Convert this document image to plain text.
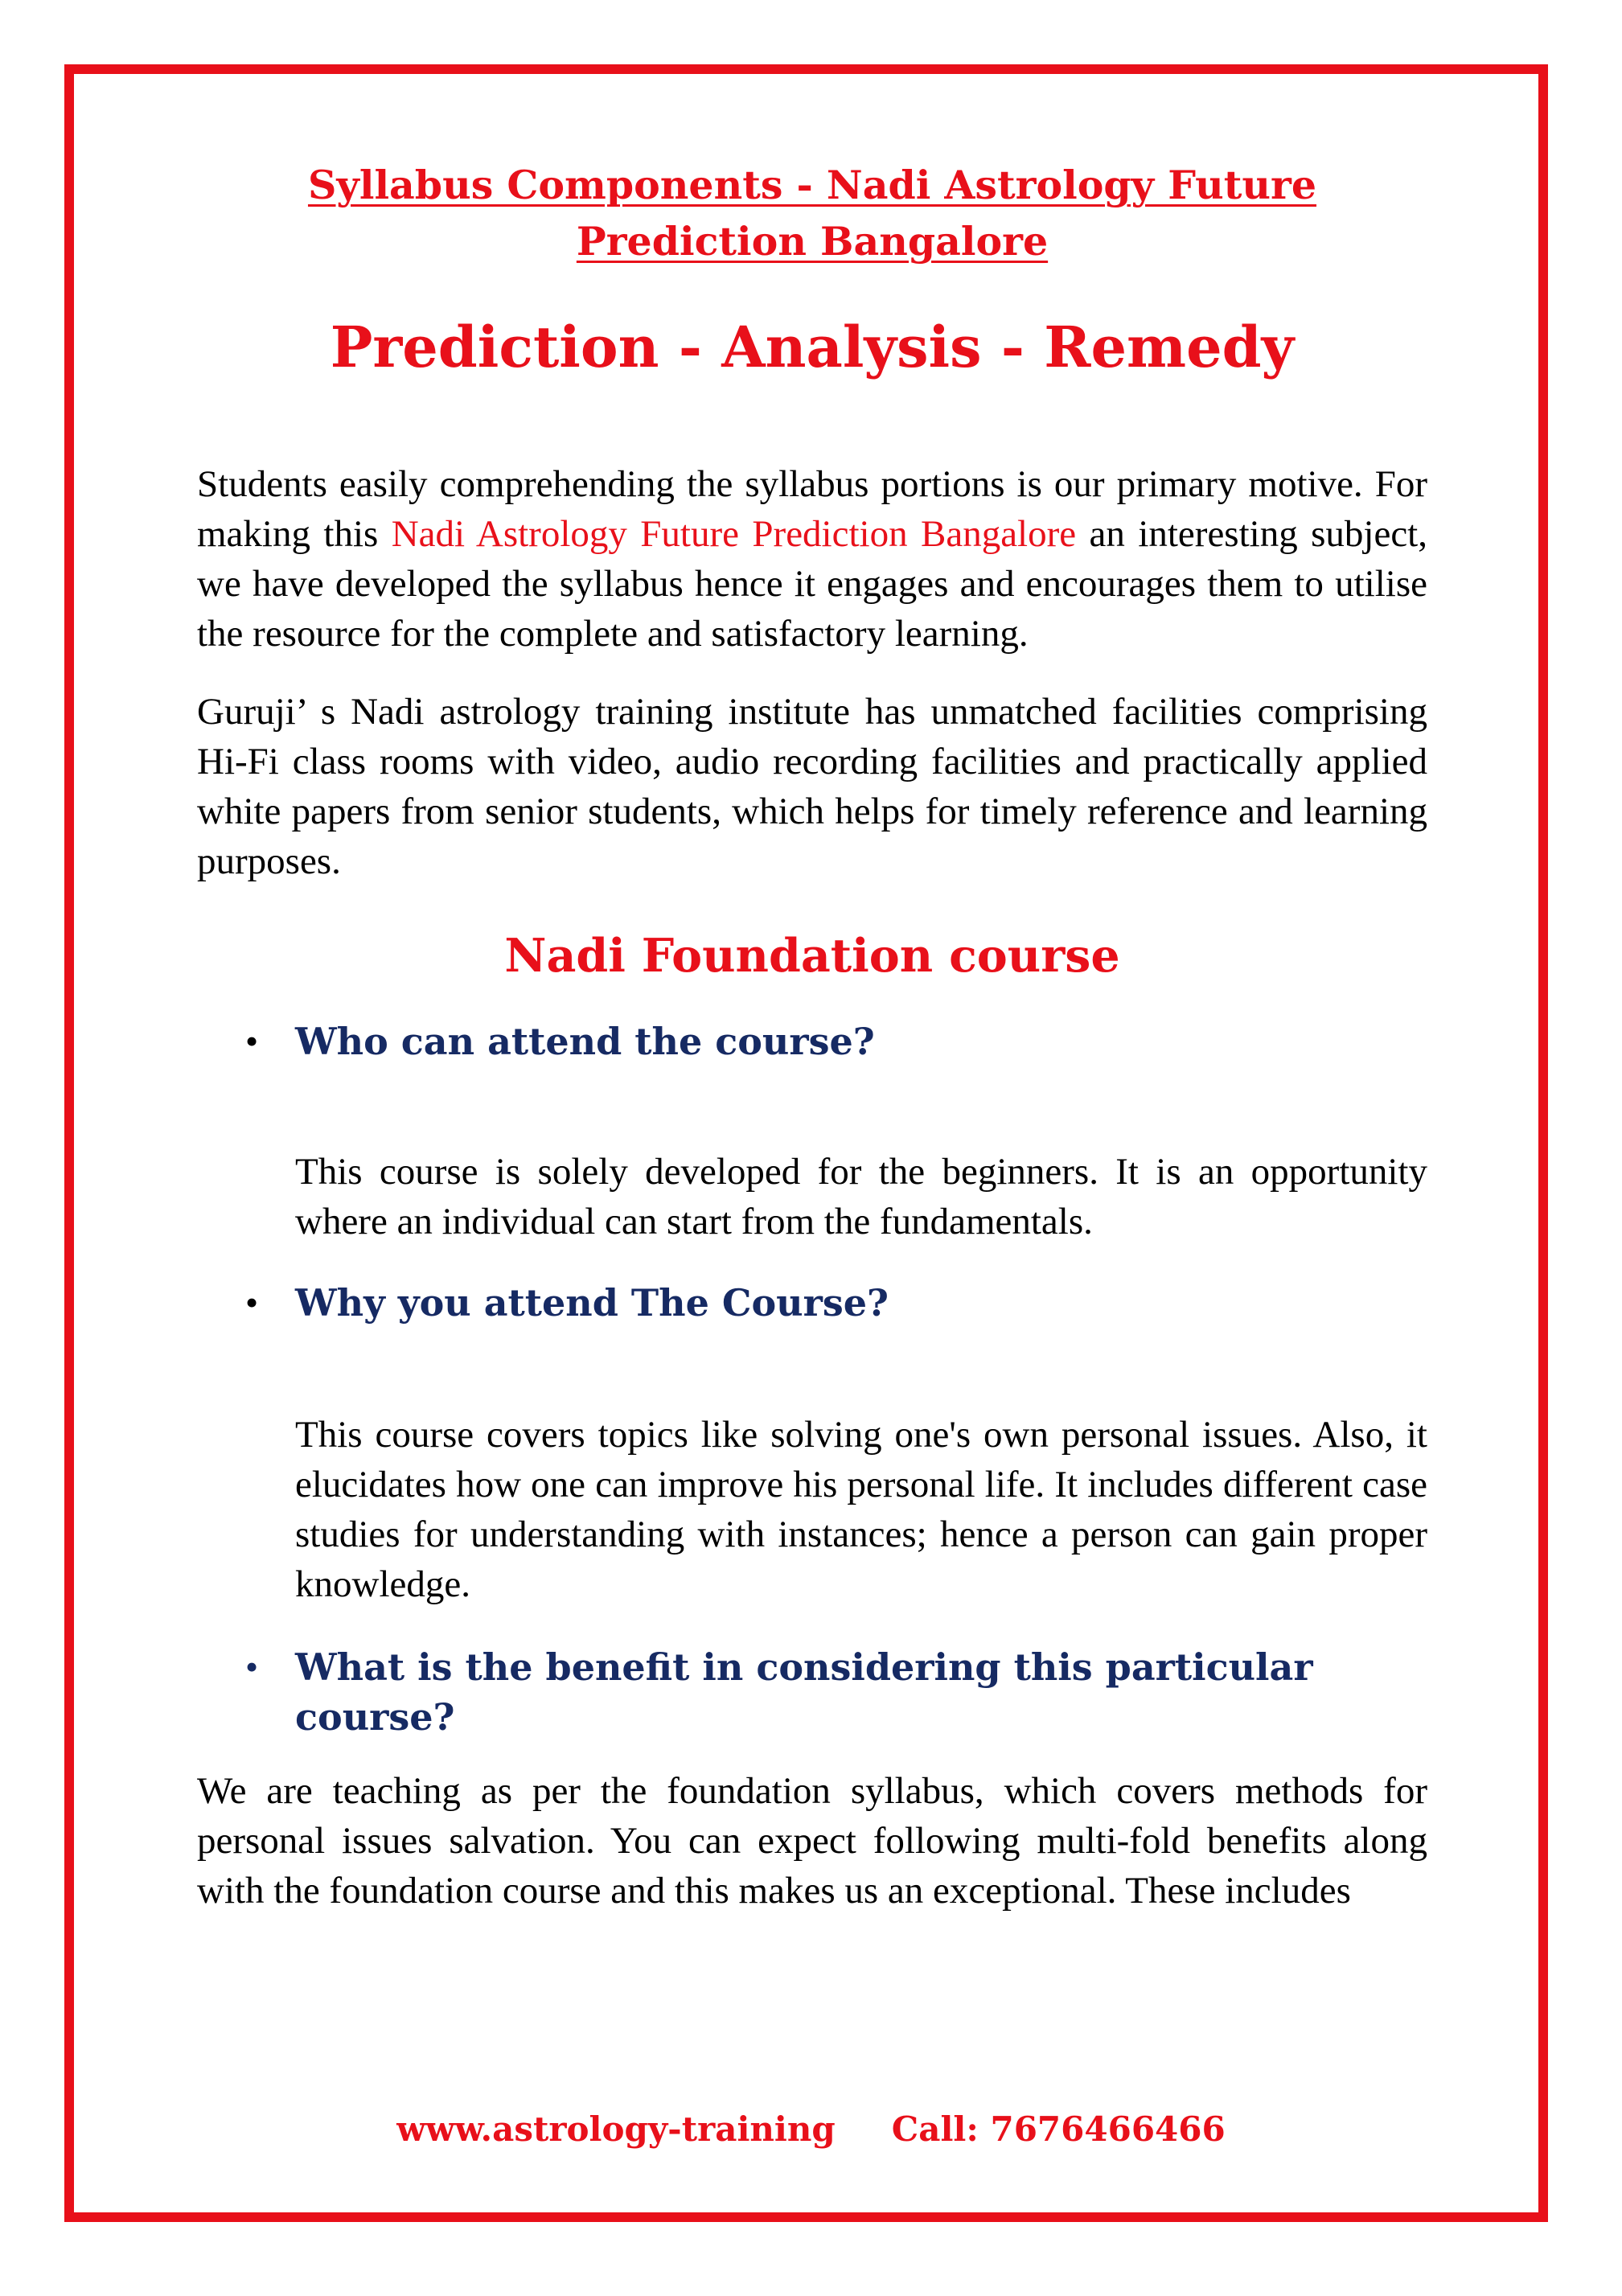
Syllabus Components - Nadi Astrology Future
Prediction Bangalore
Prediction - Analysis - Remedy

Students easily comprehending the syllabus portions is our primary motive. For making this Nadi Astrology Future Prediction Bangalore an interesting subject, we have developed the syllabus hence it engages and encourages them to utilise the resource for the complete and satisfactory learning.

Guruji’ s Nadi astrology training institute has unmatched facilities comprising Hi-Fi class rooms with video, audio recording facilities and practically applied white papers from senior students, which helps for timely reference and learning purposes.

Nadi Foundation course
• Who can attend the course?

This course is solely developed for the beginners. It is an opportunity where an individual can start from the fundamentals.

• Why you attend The Course?

This course covers topics like solving one's own personal issues. Also, it elucidates how one can improve his personal life. It includes different case studies for understanding with instances; hence a person can gain proper knowledge.

• What is the benefit in considering this particular course?

We are teaching as per the foundation syllabus, which covers methods for personal issues salvation. You can expect following multi-fold benefits along with the foundation course and this makes us an exceptional. These includes

www.astrology-training Call: 7676466466
